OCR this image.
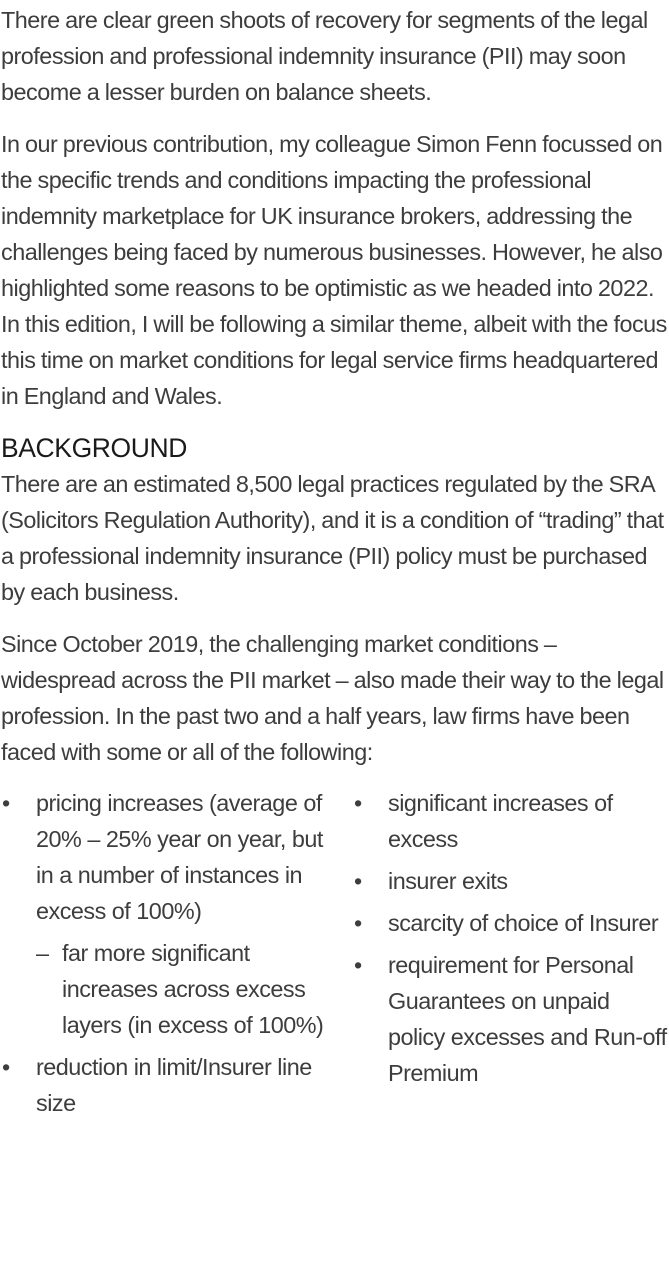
There are clear green shoots of recovery for segments of the legal profession and professional indemnity insurance (PII) may soon become a lesser burden on balance sheets.

In our previous contribution, my colleague Simon Fenn focussed on the specific trends and conditions impacting the professional indemnity marketplace for UK insurance brokers, addressing the challenges being faced by numerous businesses. However, he also highlighted some reasons to be optimistic as we headed into 2022. In this edition, I will be following a similar theme, albeit with the focus this time on market conditions for legal service firms headquartered in England and Wales.

BACKGROUND

There are an estimated 8,500 legal practices regulated by the SRA (Solicitors Regulation Authority), and it is a condition of “trading” that a professional indemnity insurance (PII) policy must be purchased by each business.

Since October 2019, the challenging market conditions – widespread across the PII market – also made their way to the legal profession. In the past two and a half years, law firms have been faced with some or all of the following:

• pricing increases (average of 20% – 25% year on year, but in a number of instances in excess of 100%)
– far more significant increases across excess layers (in excess of 100%)
• reduction in limit/Insurer line size
• significant increases of excess
• insurer exits
• scarcity of choice of Insurer
• requirement for Personal Guarantees on unpaid policy excesses and Run-off Premium
